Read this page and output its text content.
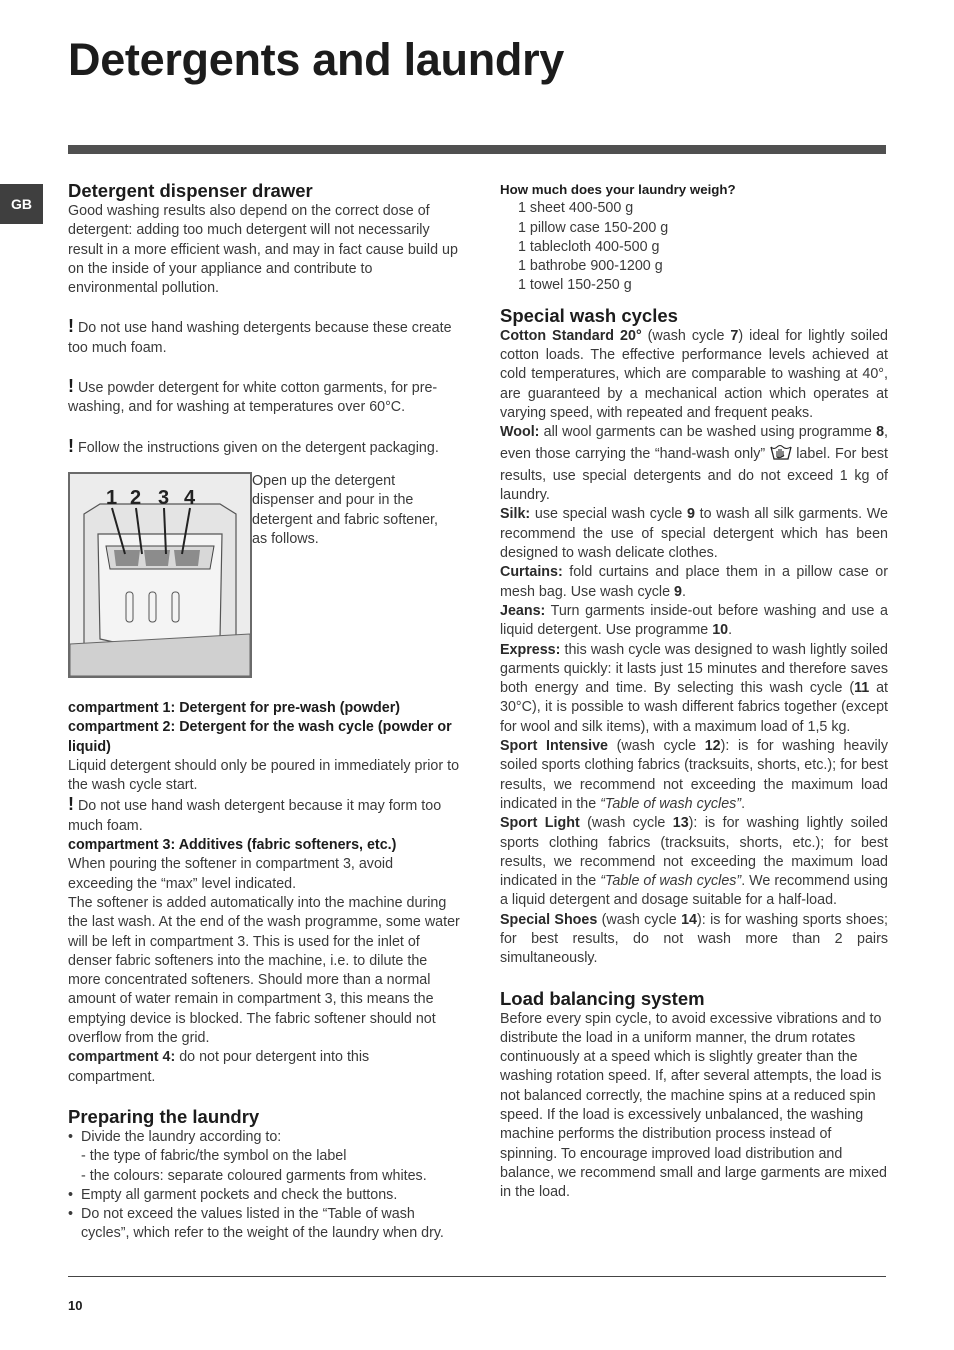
Detergents and laundry
GB
Detergent dispenser drawer

Good washing results also depend on the correct dose of detergent: adding too much detergent will not necessarily result in a more efficient wash, and may in fact cause build up on the inside of your appliance and contribute to environmental pollution.

! Do not use hand washing detergents because these create too much foam.

! Use powder detergent for white cotton garments, for pre-washing, and for washing at temperatures over 60°C.

! Follow the instructions given on the detergent packaging.

1 2 3 4

Open up the detergent dispenser and pour in the detergent and fabric softener, as follows.

compartment 1: Detergent for pre-wash (powder)

compartment 2: Detergent for the wash cycle (powder or liquid)

Liquid detergent should only be poured in immediately prior to the wash cycle start.

! Do not use hand wash detergent because it may form too much foam.

compartment 3: Additives (fabric softeners, etc.)

When pouring the softener in compartment 3, avoid exceeding the “max” level indicated.

The softener is added automatically into the machine during the last wash. At the end of the wash programme, some water will be left in compartment 3. This is used for the inlet of denser fabric softeners into the machine, i.e. to dilute the more concentrated softeners. Should more than a normal amount of water remain in compartment 3, this means the emptying device is blocked. The fabric softener should not overflow from the grid.

compartment 4: do not pour detergent into this compartment.

Preparing the laundry
• Divide the laundry according to:
- the type of fabric/the symbol on the label
- the colours: separate coloured garments from whites.
• Empty all garment pockets and check the buttons.
• Do not exceed the values listed in the “Table of wash cycles”, which refer to the weight of the laundry when dry.

How much does your laundry weigh?

1 sheet 400-500 g
1 pillow case 150-200 g
1 tablecloth 400-500 g
1 bathrobe 900-1200 g
1 towel 150-250 g
Special wash cycles

Cotton Standard 20° (wash cycle 7) ideal for lightly soiled cotton loads. The effective performance levels achieved at cold temperatures, which are comparable to washing at 40°, are guaranteed by a mechanical action which operates at varying speed, with repeated and frequent peaks.

Wool: all wool garments can be washed using programme 8, even those carrying the “hand-wash only”  label. For best results, use special detergents and do not exceed 1 kg of laundry.

Silk: use special wash cycle 9 to wash all silk garments. We recommend the use of special detergent which has been designed to wash delicate clothes.

Curtains: fold curtains and place them in a pillow case or mesh bag. Use wash cycle 9.

Jeans: Turn garments inside-out before washing and use a liquid detergent. Use programme 10.

Express: this wash cycle was designed to wash lightly soiled garments quickly: it lasts just 15 minutes and therefore saves both energy and time. By selecting this wash cycle (11 at 30°C), it is possible to wash different fabrics together (except for wool and silk items), with a maximum load of 1,5 kg.

Sport Intensive (wash cycle 12): is for washing heavily soiled sports clothing fabrics (tracksuits, shorts, etc.); for best results, we recommend not exceeding the maximum load indicated in the “Table of wash cycles”.

Sport Light (wash cycle 13): is for washing lightly soiled sports clothing fabrics (tracksuits, shorts, etc.); for best results, we recommend not exceeding the maximum load indicated in the “Table of wash cycles”. We recommend using a liquid detergent and dosage suitable for a half-load.

Special Shoes (wash cycle 14): is for washing sports shoes; for best results, do not wash more than 2 pairs simultaneously.

Load balancing system

Before every spin cycle, to avoid excessive vibrations and to distribute the load in a uniform manner, the drum rotates continuously at a speed which is slightly greater than the washing rotation speed. If, after several attempts, the load is not balanced correctly, the machine spins at a reduced spin speed. If the load is excessively unbalanced, the washing machine performs the distribution process instead of spinning. To encourage improved load distribution and balance, we recommend small and large garments are mixed in the load.

10
